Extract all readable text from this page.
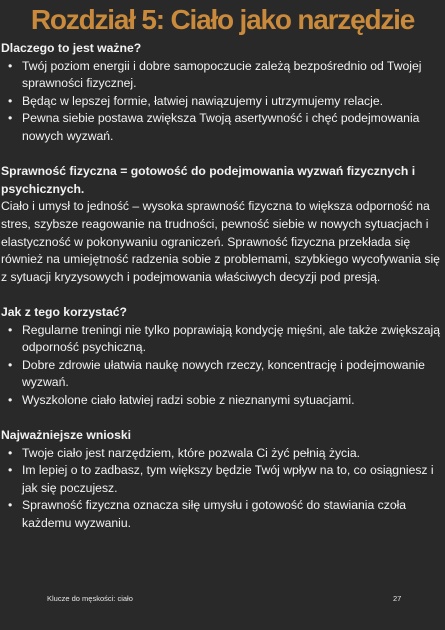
Rozdział 5: Ciało jako narzędzie

Dlaczego to jest ważne?

• Twój poziom energii i dobre samopoczucie zależą bezpośrednio od Twojej sprawności fizycznej.
• Będąc w lepszej formie, łatwiej nawiązujemy i utrzymujemy relacje.
• Pewna siebie postawa zwiększa Twoją asertywność i chęć podejmowania nowych wyzwań.

Sprawność fizyczna = gotowość do podejmowania wyzwań fizycznych i psychicznych.

Ciało i umysł to jedność – wysoka sprawność fizyczna to większa odporność na stres, szybsze reagowanie na trudności, pewność siebie w nowych sytuacjach i elastyczność w pokonywaniu ograniczeń. Sprawność fizyczna przekłada się również na umiejętność radzenia sobie z problemami, szybkiego wycofywania się z sytuacji kryzysowych i podejmowania właściwych decyzji pod presją.

Jak z tego korzystać?

• Regularne treningi nie tylko poprawiają kondycję mięśni, ale także zwiększają odporność psychiczną.
• Dobre zdrowie ułatwia naukę nowych rzeczy, koncentrację i podejmowanie wyzwań.
• Wyszkolone ciało łatwiej radzi sobie z nieznanymi sytuacjami.

Najważniejsze wnioski

• Twoje ciało jest narzędziem, które pozwala Ci żyć pełnią życia.
• Im lepiej o to zadbasz, tym większy będzie Twój wpływ na to, co osiągniesz i jak się poczujesz.
• Sprawność fizyczna oznacza siłę umysłu i gotowość do stawiania czoła każdemu wyzwaniu.
Klucze do męskości: ciało	27
